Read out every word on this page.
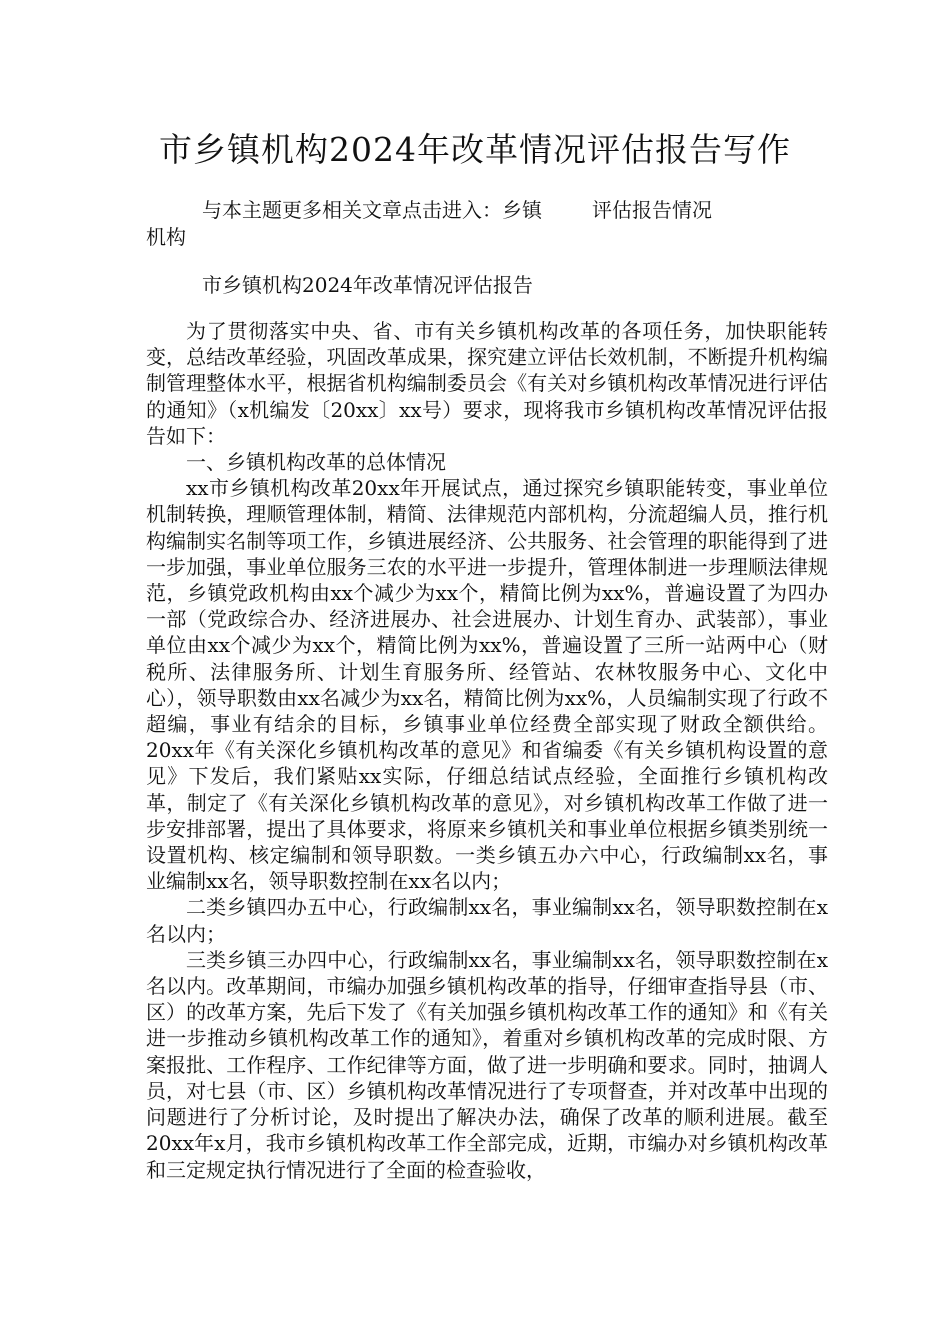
市乡镇机构2024年改革情况评估报告写作
与本主题更多相关文章点击进入：乡镇	评估报告情况
机构
市乡镇机构2024年改革情况评估报告

为了贯彻落实中央、省、市有关乡镇机构改革的各项任务，加快职能转变，总结改革经验，巩固改革成果，探究建立评估长效机制，不断提升机构编制管理整体水平，根据省机构编制委员会《有关对乡镇机构改革情况进行评估的通知》（x机编发〔20xx〕xx号）要求，现将我市乡镇机构改革情况评估报告如下：

一、乡镇机构改革的总体情况

xx市乡镇机构改革20xx年开展试点，通过探究乡镇职能转变，事业单位机制转换，理顺管理体制，精简、法律规范内部机构，分流超编人员，推行机构编制实名制等项工作，乡镇进展经济、公共服务、社会管理的职能得到了进一步加强，事业单位服务三农的水平进一步提升，管理体制进一步理顺法律规范，乡镇党政机构由xx个减少为xx个，精简比例为xx%，普遍设置了为四办一部（党政综合办、经济进展办、社会进展办、计划生育办、武装部），事业单位由xx个减少为xx个，精简比例为xx%，普遍设置了三所一站两中心（财税所、法律服务所、计划生育服务所、经管站、农林牧服务中心、文化中心），领导职数由xx名减少为xx名，精简比例为xx%，人员编制实现了行政不超编，事业有结余的目标，乡镇事业单位经费全部实现了财政全额供给。20xx年《有关深化乡镇机构改革的意见》和省编委《有关乡镇机构设置的意见》下发后，我们紧贴xx实际，仔细总结试点经验，全面推行乡镇机构改革，制定了《有关深化乡镇机构改革的意见》，对乡镇机构改革工作做了进一步安排部署，提出了具体要求，将原来乡镇机关和事业单位根据乡镇类别统一设置机构、核定编制和领导职数。一类乡镇五办六中心，行政编制xx名，事业编制xx名，领导职数控制在xx名以内；

二类乡镇四办五中心，行政编制xx名，事业编制xx名，领导职数控制在x名以内；

三类乡镇三办四中心，行政编制xx名，事业编制xx名，领导职数控制在x名以内。改革期间，市编办加强乡镇机构改革的指导，仔细审查指导县（市、区）的改革方案，先后下发了《有关加强乡镇机构改革工作的通知》和《有关进一步推动乡镇机构改革工作的通知》，着重对乡镇机构改革的完成时限、方案报批、工作程序、工作纪律等方面，做了进一步明确和要求。同时，抽调人员，对七县（市、区）乡镇机构改革情况进行了专项督查，并对改革中出现的问题进行了分析讨论，及时提出了解决办法，确保了改革的顺利进展。截至20xx年x月，我市乡镇机构改革工作全部完成，近期，市编办对乡镇机构改革和三定规定执行情况进行了全面的检查验收，
